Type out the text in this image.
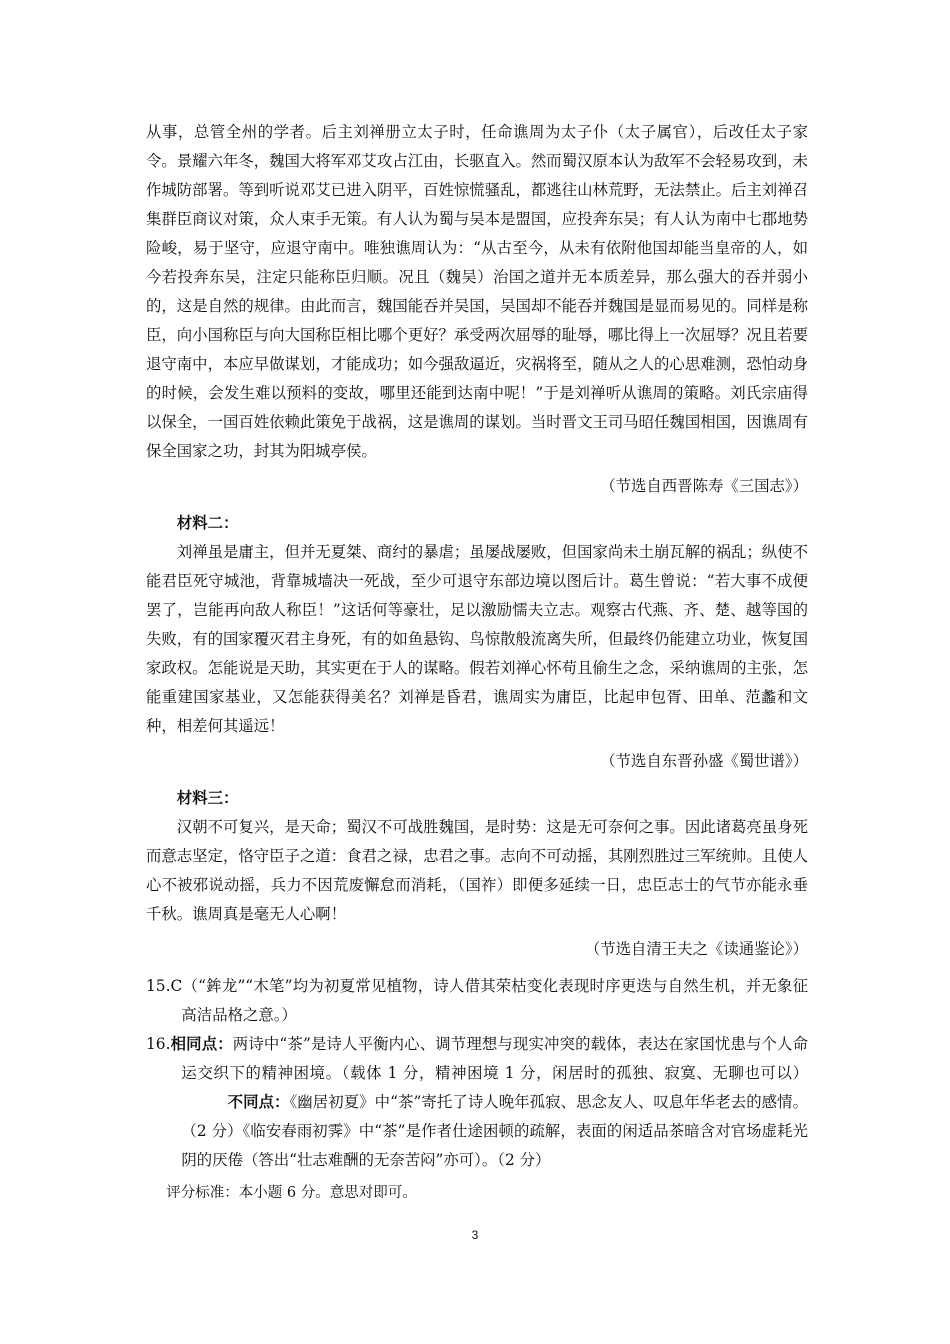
从事，总管全州的学者。后主刘禅册立太子时，任命谯周为太子仆（太子属官），后改任太子家令。景耀六年冬，魏国大将军邓艾攻占江由，长驱直入。然而蜀汉原本认为敌军不会轻易攻到，未作城防部署。等到听说邓艾已进入阴平，百姓惊慌骚乱，都逃往山林荒野，无法禁止。后主刘禅召集群臣商议对策，众人束手无策。有人认为蜀与吴本是盟国，应投奔东吴；有人认为南中七郡地势险峻，易于坚守，应退守南中。唯独谯周认为：“从古至今，从未有依附他国却能当皇帝的人，如今若投奔东吴，注定只能称臣归顺。况且（魏吴）治国之道并无本质差异，那么强大的吞并弱小的，这是自然的规律。由此而言，魏国能吞并吴国，吴国却不能吞并魏国是显而易见的。同样是称臣，向小国称臣与向大国称臣相比哪个更好？承受两次屈辱的耻辱，哪比得上一次屈辱？况且若要退守南中，本应早做谋划，才能成功；如今强敌逼近，灾祸将至，随从之人的心思难测，恐怕动身的时候，会发生难以预料的变故，哪里还能到达南中呢！”于是刘禅听从谯周的策略。刘氏宗庙得以保全，一国百姓依赖此策免于战祸，这是谯周的谋划。当时晋文王司马昭任魏国相国，因谯周有保全国家之功，封其为阳城亭侯。

（节选自西晋陈寿《三国志》）

材料二：

刘禅虽是庸主，但并无夏桀、商纣的暴虐；虽屡战屡败，但国家尚未土崩瓦解的祸乱；纵使不能君臣死守城池，背靠城墙决一死战，至少可退守东部边境以图后计。葛生曾说：“若大事不成便罢了，岂能再向敌人称臣！”这话何等豪壮，足以激励懦夫立志。观察古代燕、齐、楚、越等国的失败，有的国家覆灭君主身死，有的如鱼悬钩、鸟惊散般流离失所，但最终仍能建立功业，恢复国家政权。怎能说是天助，其实更在于人的谋略。假若刘禅心怀苟且偷生之念，采纳谯周的主张，怎能重建国家基业，又怎能获得美名？刘禅是昏君，谯周实为庸臣，比起申包胥、田单、范蠡和文种，相差何其遥远！

（节选自东晋孙盛《蜀世谱》）

材料三：

汉朝不可复兴，是天命；蜀汉不可战胜魏国，是时势：这是无可奈何之事。因此诸葛亮虽身死而意志坚定，恪守臣子之道：食君之禄，忠君之事。志向不可动摇，其刚烈胜过三军统帅。且使人心不被邪说动摇，兵力不因荒废懈怠而消耗，（国祚）即便多延续一日，忠臣志士的气节亦能永垂千秋。谯周真是毫无人心啊！

（节选自清王夫之《读通鉴论》）

15.C（“鉾龙”“木笔”均为初夏常见植物，诗人借其荣枯变化表现时序更迭与自然生机，并无象征高洁品格之意。）

16.相同点：两诗中“茶”是诗人平衡内心、调节理想与现实冲突的载体，表达在家国忧患与个人命运交织下的精神困境。（载体 1 分，精神困境 1 分，闲居时的孤独、寂寞、无聊也可以）不同点：《幽居初夏》中“茶”寄托了诗人晚年孤寂、思念友人、叹息年华老去的感情。（2 分）《临安春雨初霁》中“茶”是作者仕途困顿的疏解，表面的闲适品茶暗含对官场虚耗光阴的厌倦（答出“壮志难酬的无奈苦闷”亦可）。（2 分）

评分标准：本小题 6 分。意思对即可。

3
